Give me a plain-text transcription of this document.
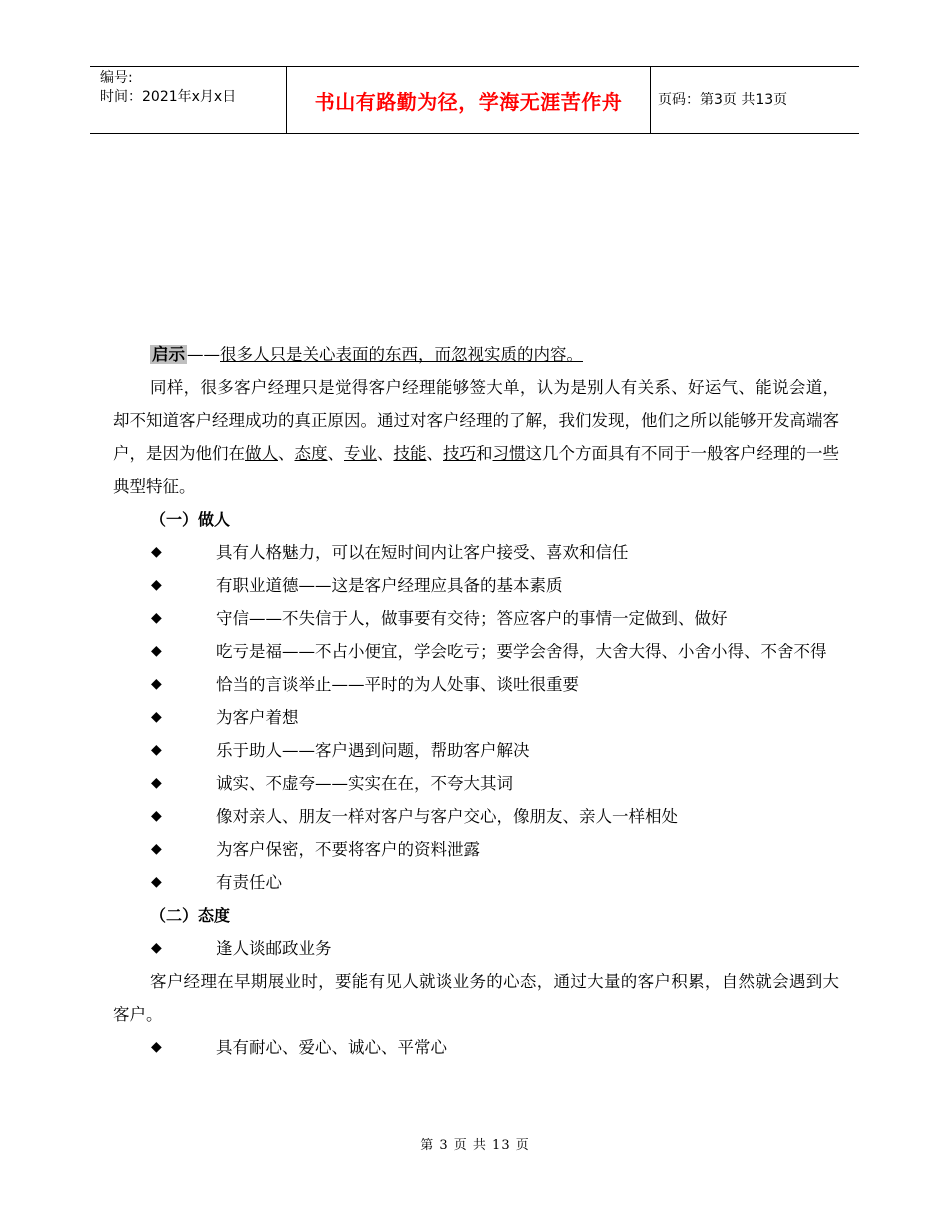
编号:
时间：2021年x月x日	书山有路勤为径，学海无涯苦作舟	页码：第3页 共13页

启示 ——很多人只是关心表面的东西，而忽视实质的内容。

同样，很多客户经理只是觉得客户经理能够签大单，认为是别人有关系、好运气、能说会道，却不知道客户经理成功的真正原因。通过对客户经理的了解，我们发现，他们之所以能够开发高端客户，是因为他们在做人、态度、专业、技能、技巧和习惯这几个方面具有不同于一般客户经理的一些典型特征。

（一）做人

◆	具有人格魅力，可以在短时间内让客户接受、喜欢和信任

◆	有职业道德——这是客户经理应具备的基本素质

◆	守信——不失信于人，做事要有交待；答应客户的事情一定做到、做好

◆	吃亏是福——不占小便宜，学会吃亏；要学会舍得，大舍大得、小舍小得、不舍不得

◆	恰当的言谈举止——平时的为人处事、谈吐很重要

◆	为客户着想

◆	乐于助人——客户遇到问题，帮助客户解决

◆	诚实、不虚夸——实实在在，不夸大其词

◆	像对亲人、朋友一样对客户与客户交心，像朋友、亲人一样相处

◆	为客户保密，不要将客户的资料泄露

◆	有责任心

（二）态度

◆	逢人谈邮政业务

客户经理在早期展业时，要能有见人就谈业务的心态，通过大量的客户积累，自然就会遇到大客户。

◆	具有耐心、爱心、诚心、平常心

第 3 页 共 13 页
